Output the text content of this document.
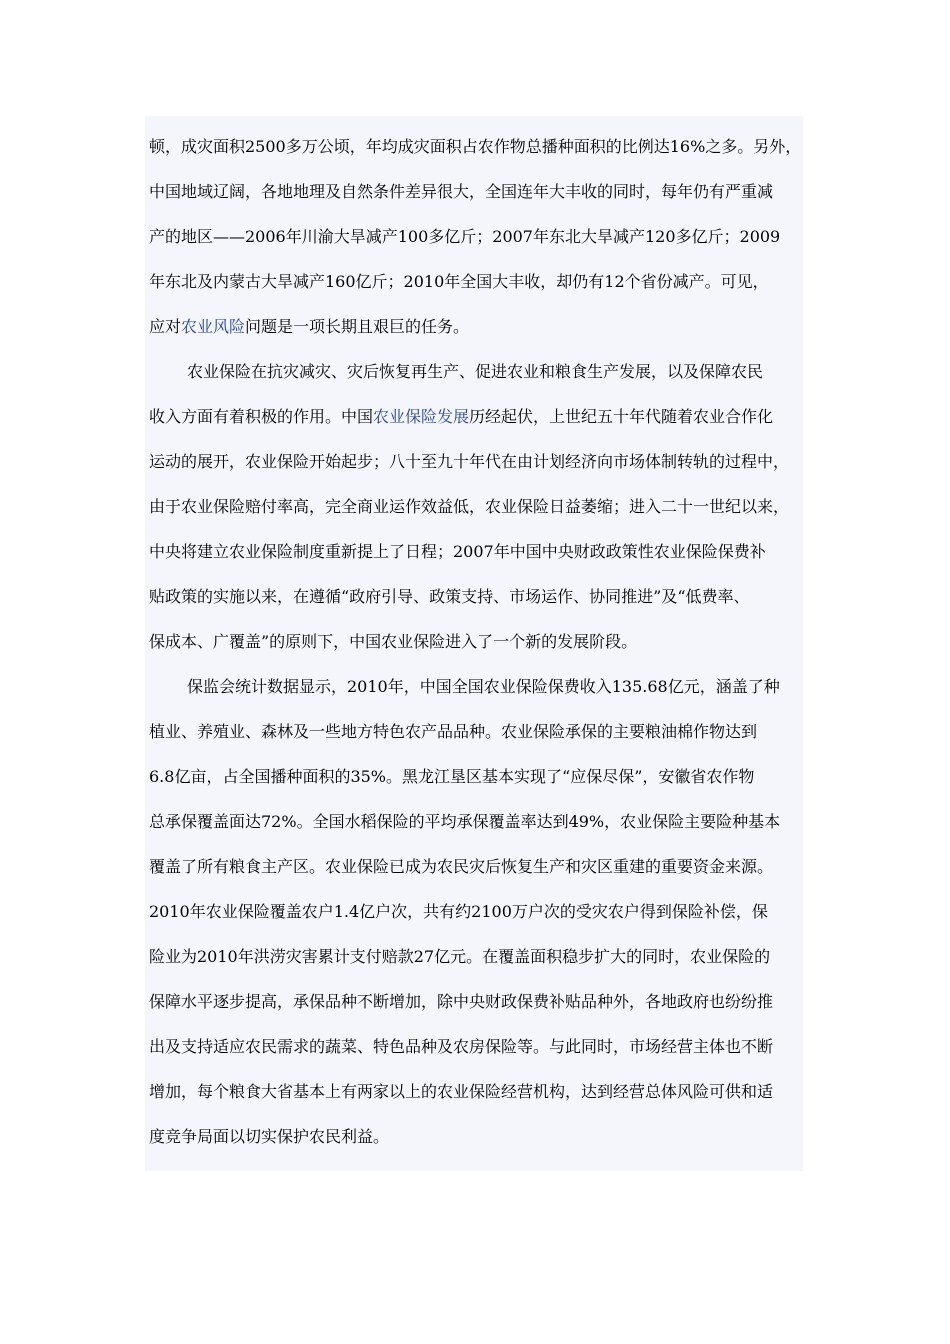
顿，成灾面积2500多万公顷，年均成灾面积占农作物总播种面积的比例达16%之多。另外，
中国地域辽阔，各地地理及自然条件差异很大，全国连年大丰收的同时，每年仍有严重减
产的地区——2006年川渝大旱减产100多亿斤；2007年东北大旱减产120多亿斤；2009
年东北及内蒙古大旱减产160亿斤；2010年全国大丰收，却仍有12个省份减产。可见，
应对农业风险问题是一项长期且艰巨的任务。
农业保险在抗灾减灾、灾后恢复再生产、促进农业和粮食生产发展，以及保障农民
收入方面有着积极的作用。中国农业保险发展历经起伏，上世纪五十年代随着农业合作化
运动的展开，农业保险开始起步；八十至九十年代在由计划经济向市场体制转轨的过程中，
由于农业保险赔付率高，完全商业运作效益低，农业保险日益萎缩；进入二十一世纪以来，
中央将建立农业保险制度重新提上了日程；2007年中国中央财政政策性农业保险保费补
贴政策的实施以来，在遵循“政府引导、政策支持、市场运作、协同推进”及“低费率、
保成本、广覆盖”的原则下，中国农业保险进入了一个新的发展阶段。
保监会统计数据显示，2010年，中国全国农业保险保费收入135.68亿元，涵盖了种
植业、养殖业、森林及一些地方特色农产品品种。农业保险承保的主要粮油棉作物达到
6.8亿亩，占全国播种面积的35%。黑龙江垦区基本实现了“应保尽保”，安徽省农作物
总承保覆盖面达72%。全国水稻保险的平均承保覆盖率达到49%，农业保险主要险种基本
覆盖了所有粮食主产区。农业保险已成为农民灾后恢复生产和灾区重建的重要资金来源。
2010年农业保险覆盖农户1.4亿户次，共有约2100万户次的受灾农户得到保险补偿，保
险业为2010年洪涝灾害累计支付赔款27亿元。在覆盖面积稳步扩大的同时，农业保险的
保障水平逐步提高，承保品种不断增加，除中央财政保费补贴品种外，各地政府也纷纷推
出及支持适应农民需求的蔬菜、特色品种及农房保险等。与此同时，市场经营主体也不断
增加，每个粮食大省基本上有两家以上的农业保险经营机构，达到经营总体风险可供和适
度竞争局面以切实保护农民利益。
